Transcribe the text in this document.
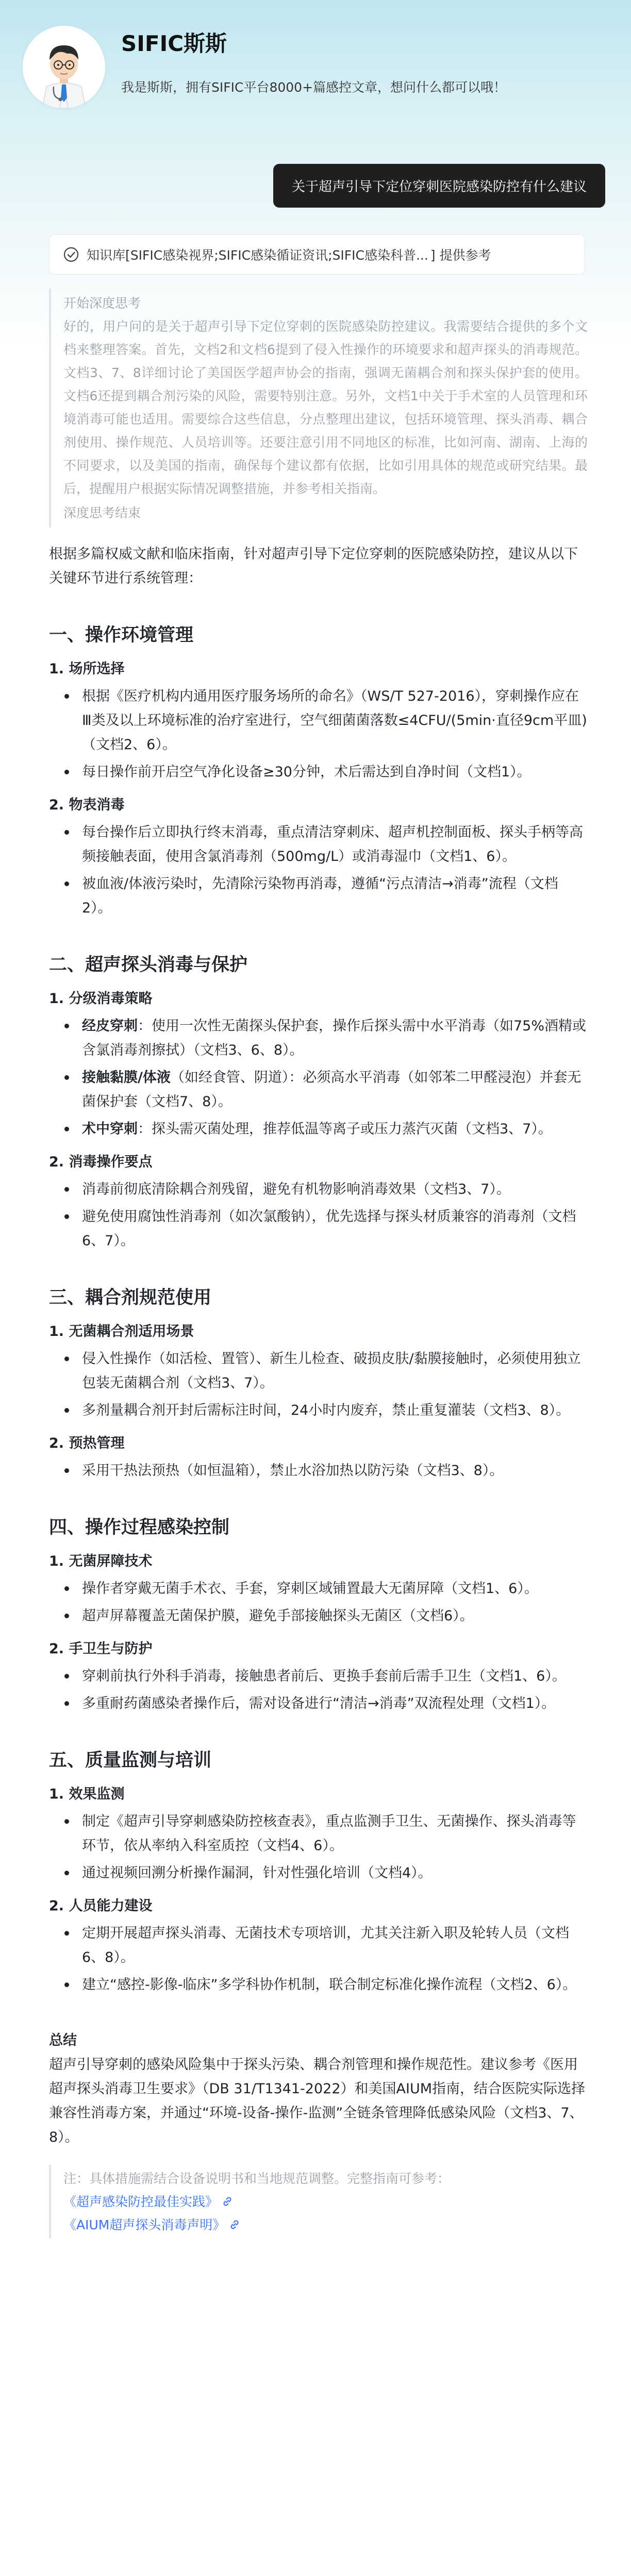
SIFIC斯斯
我是斯斯，拥有SIFIC平台8000+篇感控文章，想问什么都可以哦！
关于超声引导下定位穿刺医院感染防控有什么建议
知识库[SIFIC感染视界;SIFIC感染循证资讯;SIFIC感染科普... ] 提供参考
开始深度思考
好的，用户问的是关于超声引导下定位穿刺的医院感染防控建议。我需要结合提供的多个文档来整理答案。首先，文档2和文档6提到了侵入性操作的环境要求和超声探头的消毒规范。文档3、7、8详细讨论了美国医学超声协会的指南，强调无菌耦合剂和探头保护套的使用。文档6还提到耦合剂污染的风险，需要特别注意。另外，文档1中关于手术室的人员管理和环境消毒可能也适用。需要综合这些信息，分点整理出建议，包括环境管理、探头消毒、耦合剂使用、操作规范、人员培训等。还要注意引用不同地区的标准，比如河南、湖南、上海的不同要求，以及美国的指南，确保每个建议都有依据，比如引用具体的规范或研究结果。最后，提醒用户根据实际情况调整措施，并参考相关指南。
深度思考结束
根据多篇权威文献和临床指南，针对超声引导下定位穿刺的医院感染防控，建议从以下关键环节进行系统管理：
一、操作环境管理
1. 场所选择
根据《医疗机构内通用医疗服务场所的命名》（WS/T 527-2016），穿刺操作应在Ⅲ类及以上环境标准的治疗室进行，空气细菌菌落数≤4CFU/(5min·直径9cm平皿)（文档2、6）。
每日操作前开启空气净化设备≥30分钟，术后需达到自净时间（文档1）。
2. 物表消毒
每台操作后立即执行终末消毒，重点清洁穿刺床、超声机控制面板、探头手柄等高频接触表面，使用含氯消毒剂（500mg/L）或消毒湿巾（文档1、6）。
被血液/体液污染时，先清除污染物再消毒，遵循“污点清洁→消毒”流程（文档2）。
二、超声探头消毒与保护
1. 分级消毒策略
经皮穿刺：使用一次性无菌探头保护套，操作后探头需中水平消毒（如75%酒精或含氯消毒剂擦拭）（文档3、6、8）。
接触黏膜/体液（如经食管、阴道）：必须高水平消毒（如邻苯二甲醛浸泡）并套无菌保护套（文档7、8）。
术中穿刺：探头需灭菌处理，推荐低温等离子或压力蒸汽灭菌（文档3、7）。
2. 消毒操作要点
消毒前彻底清除耦合剂残留，避免有机物影响消毒效果（文档3、7）。
避免使用腐蚀性消毒剂（如次氯酸钠），优先选择与探头材质兼容的消毒剂（文档6、7）。
三、耦合剂规范使用
1. 无菌耦合剂适用场景
侵入性操作（如活检、置管）、新生儿检查、破损皮肤/黏膜接触时，必须使用独立包装无菌耦合剂（文档3、7）。
多剂量耦合剂开封后需标注时间，24小时内废弃，禁止重复灌装（文档3、8）。
2. 预热管理
采用干热法预热（如恒温箱），禁止水浴加热以防污染（文档3、8）。
四、操作过程感染控制
1. 无菌屏障技术
操作者穿戴无菌手术衣、手套，穿刺区域铺置最大无菌屏障（文档1、6）。
超声屏幕覆盖无菌保护膜，避免手部接触探头无菌区（文档6）。
2. 手卫生与防护
穿刺前执行外科手消毒，接触患者前后、更换手套前后需手卫生（文档1、6）。
多重耐药菌感染者操作后，需对设备进行“清洁→消毒”双流程处理（文档1）。
五、质量监测与培训
1. 效果监测
制定《超声引导穿刺感染防控核查表》，重点监测手卫生、无菌操作、探头消毒等环节，依从率纳入科室质控（文档4、6）。
通过视频回溯分析操作漏洞，针对性强化培训（文档4）。
2. 人员能力建设
定期开展超声探头消毒、无菌技术专项培训，尤其关注新入职及轮转人员（文档6、8）。
建立“感控-影像-临床”多学科协作机制，联合制定标准化操作流程（文档2、6）。
总结
超声引导穿刺的感染风险集中于探头污染、耦合剂管理和操作规范性。建议参考《医用超声探头消毒卫生要求》（DB 31/T1341-2022）和美国AIUM指南，结合医院实际选择兼容性消毒方案，并通过“环境-设备-操作-监测”全链条管理降低感染风险（文档3、7、8）。
注：具体措施需结合设备说明书和当地规范调整。完整指南可参考：
《超声感染防控最佳实践》
《AIUM超声探头消毒声明》
